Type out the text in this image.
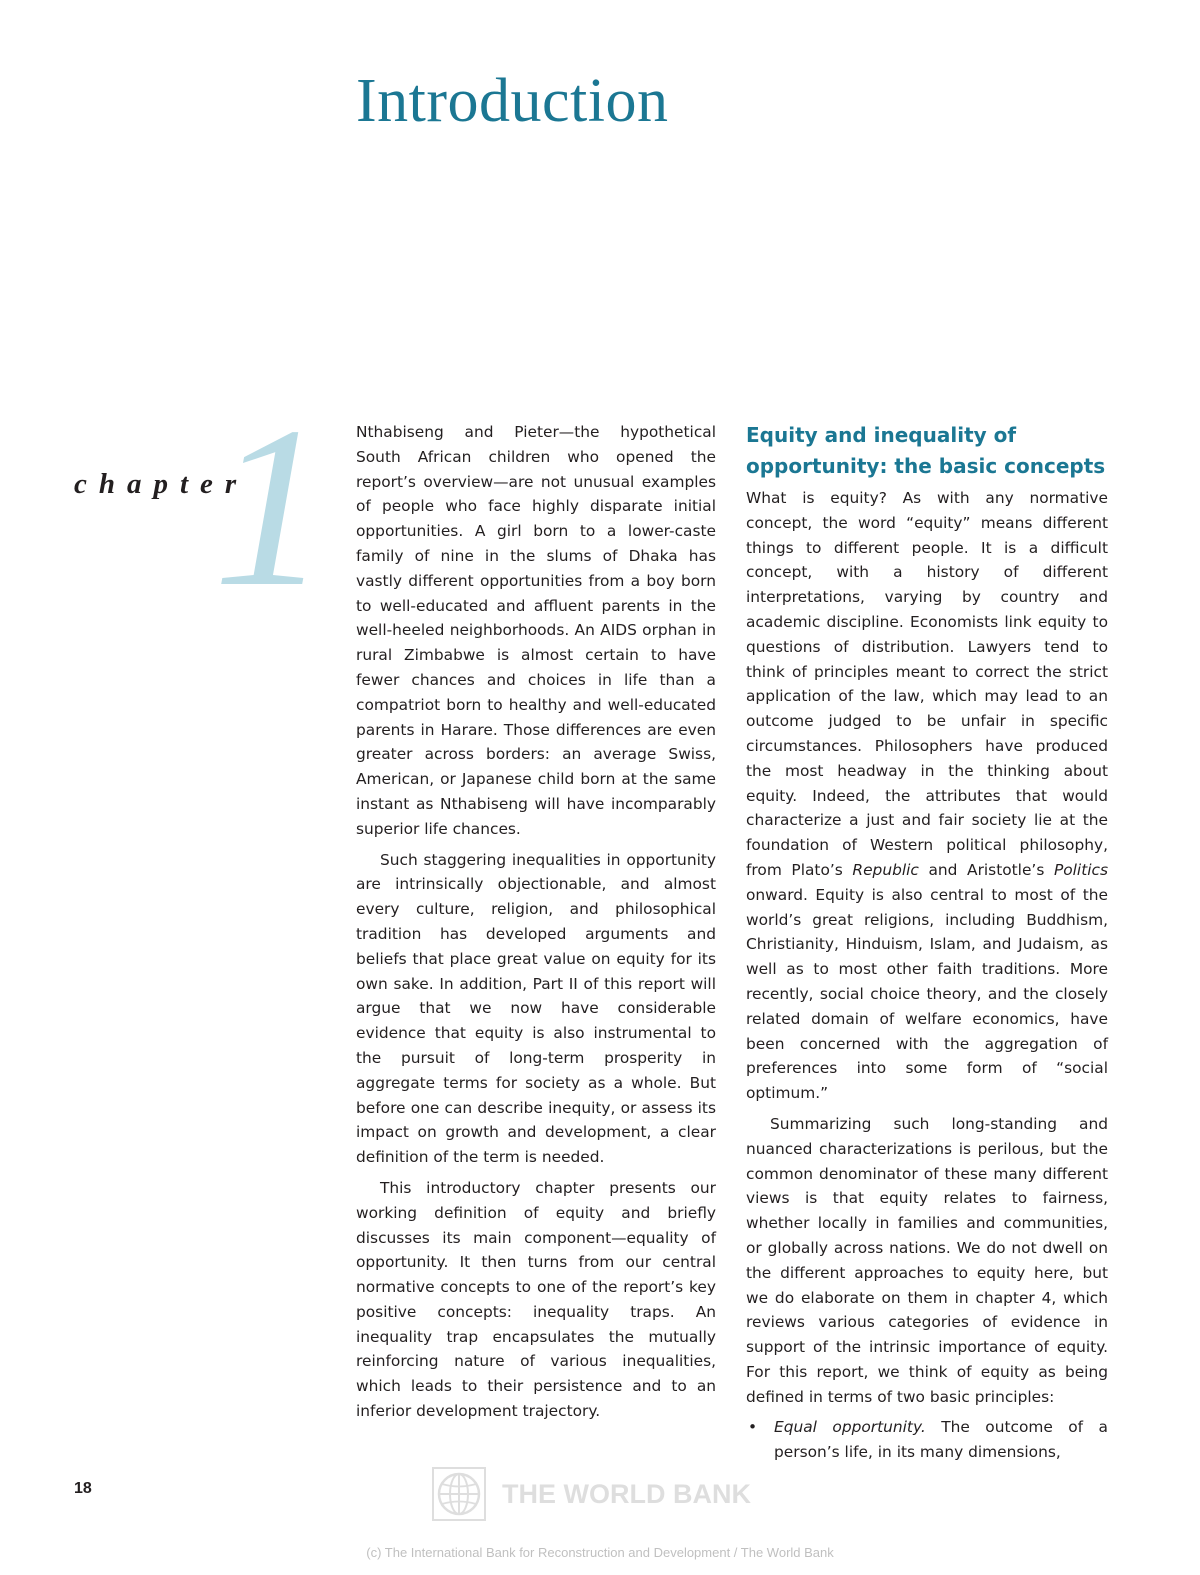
Introduction
chapter
1 Nthabiseng and Pieter—the hypothetical South African children who opened the report’s overview—are not unusual examples of people who face highly disparate initial opportunities. A girl born to a lower-caste family of nine in the slums of Dhaka has vastly different opportunities from a boy born to well-educated and affluent parents in the well-heeled neighborhoods. An AIDS orphan in rural Zimbabwe is almost certain to have fewer chances and choices in life than a compatriot born to healthy and well-educated parents in Harare. Those differences are even greater across borders: an average Swiss, American, or Japanese child born at the same instant as Nthabiseng will have incomparably superior life chances.

Such staggering inequalities in opportunity are intrinsically objectionable, and almost every culture, religion, and philosophical tradition has developed arguments and beliefs that place great value on equity for its own sake. In addition, Part II of this report will argue that we now have considerable evidence that equity is also instrumental to the pursuit of long-term prosperity in aggregate terms for society as a whole. But before one can describe inequity, or assess its impact on growth and development, a clear definition of the term is needed.

This introductory chapter presents our working definition of equity and briefly discusses its main component—equality of opportunity. It then turns from our central normative concepts to one of the report’s key positive concepts: inequality traps. An inequality trap encapsulates the mutually reinforcing nature of various inequalities, which leads to their persistence and to an inferior development trajectory.

Equity and inequality of opportunity: the basic concepts

What is equity? As with any normative concept, the word “equity” means different things to different people. It is a difficult concept, with a history of different interpretations, varying by country and academic discipline. Economists link equity to questions of distribution. Lawyers tend to think of principles meant to correct the strict application of the law, which may lead to an outcome judged to be unfair in specific circumstances. Philosophers have produced the most headway in the thinking about equity. Indeed, the attributes that would characterize a just and fair society lie at the foundation of Western political philosophy, from Plato’s Republic and Aristotle’s Politics onward. Equity is also central to most of the world’s great religions, including Buddhism, Christianity, Hinduism, Islam, and Judaism, as well as to most other faith traditions. More recently, social choice theory, and the closely related domain of welfare economics, have been concerned with the aggregation of preferences into some form of “social optimum.”

Summarizing such long-standing and nuanced characterizations is perilous, but the common denominator of these many different views is that equity relates to fairness, whether locally in families and communities, or globally across nations. We do not dwell on the different approaches to equity here, but we do elaborate on them in chapter 4, which reviews various categories of evidence in support of the intrinsic importance of equity. For this report, we think of equity as being defined in terms of two basic principles:

• Equal opportunity. The outcome of a person’s life, in its many dimensions,

18	THE WORLD BANK
(c) The International Bank for Reconstruction and Development / The World Bank
